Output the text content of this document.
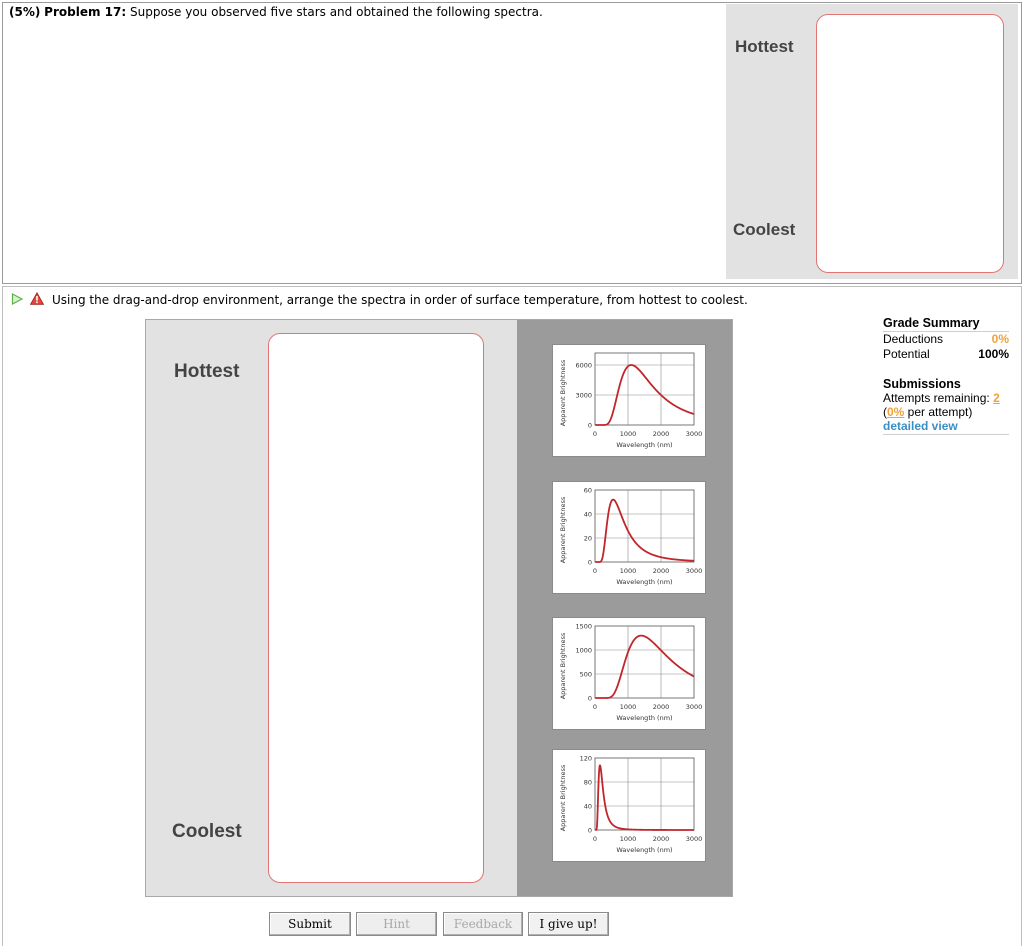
(5%) Problem 17: Suppose you observed five stars and obtained the following spectra.
Hottest
Coolest
Using the drag-and-drop environment, arrange the spectra in order of surface temperature, from hottest to coolest.
Hottest
Coolest
6000
3000
0
0	1000	2000	3000
Wavelength (nm)
Apparent Brightness
60
40
20
0
0	1000	2000	3000
Wavelength (nm)
Apparent Brightness
1500
1000
500
0
0	1000	2000	3000
Wavelength (nm)
Apparent Brightness
120
80
40
0
0	1000	2000	3000
Wavelength (nm)
Apparent Brightness
Grade Summary
Deductions	0%
Potential	100%
Submissions
Attempts remaining: 2
(0% per attempt)
detailed view
Submit	Hint	Feedback	I give up!
